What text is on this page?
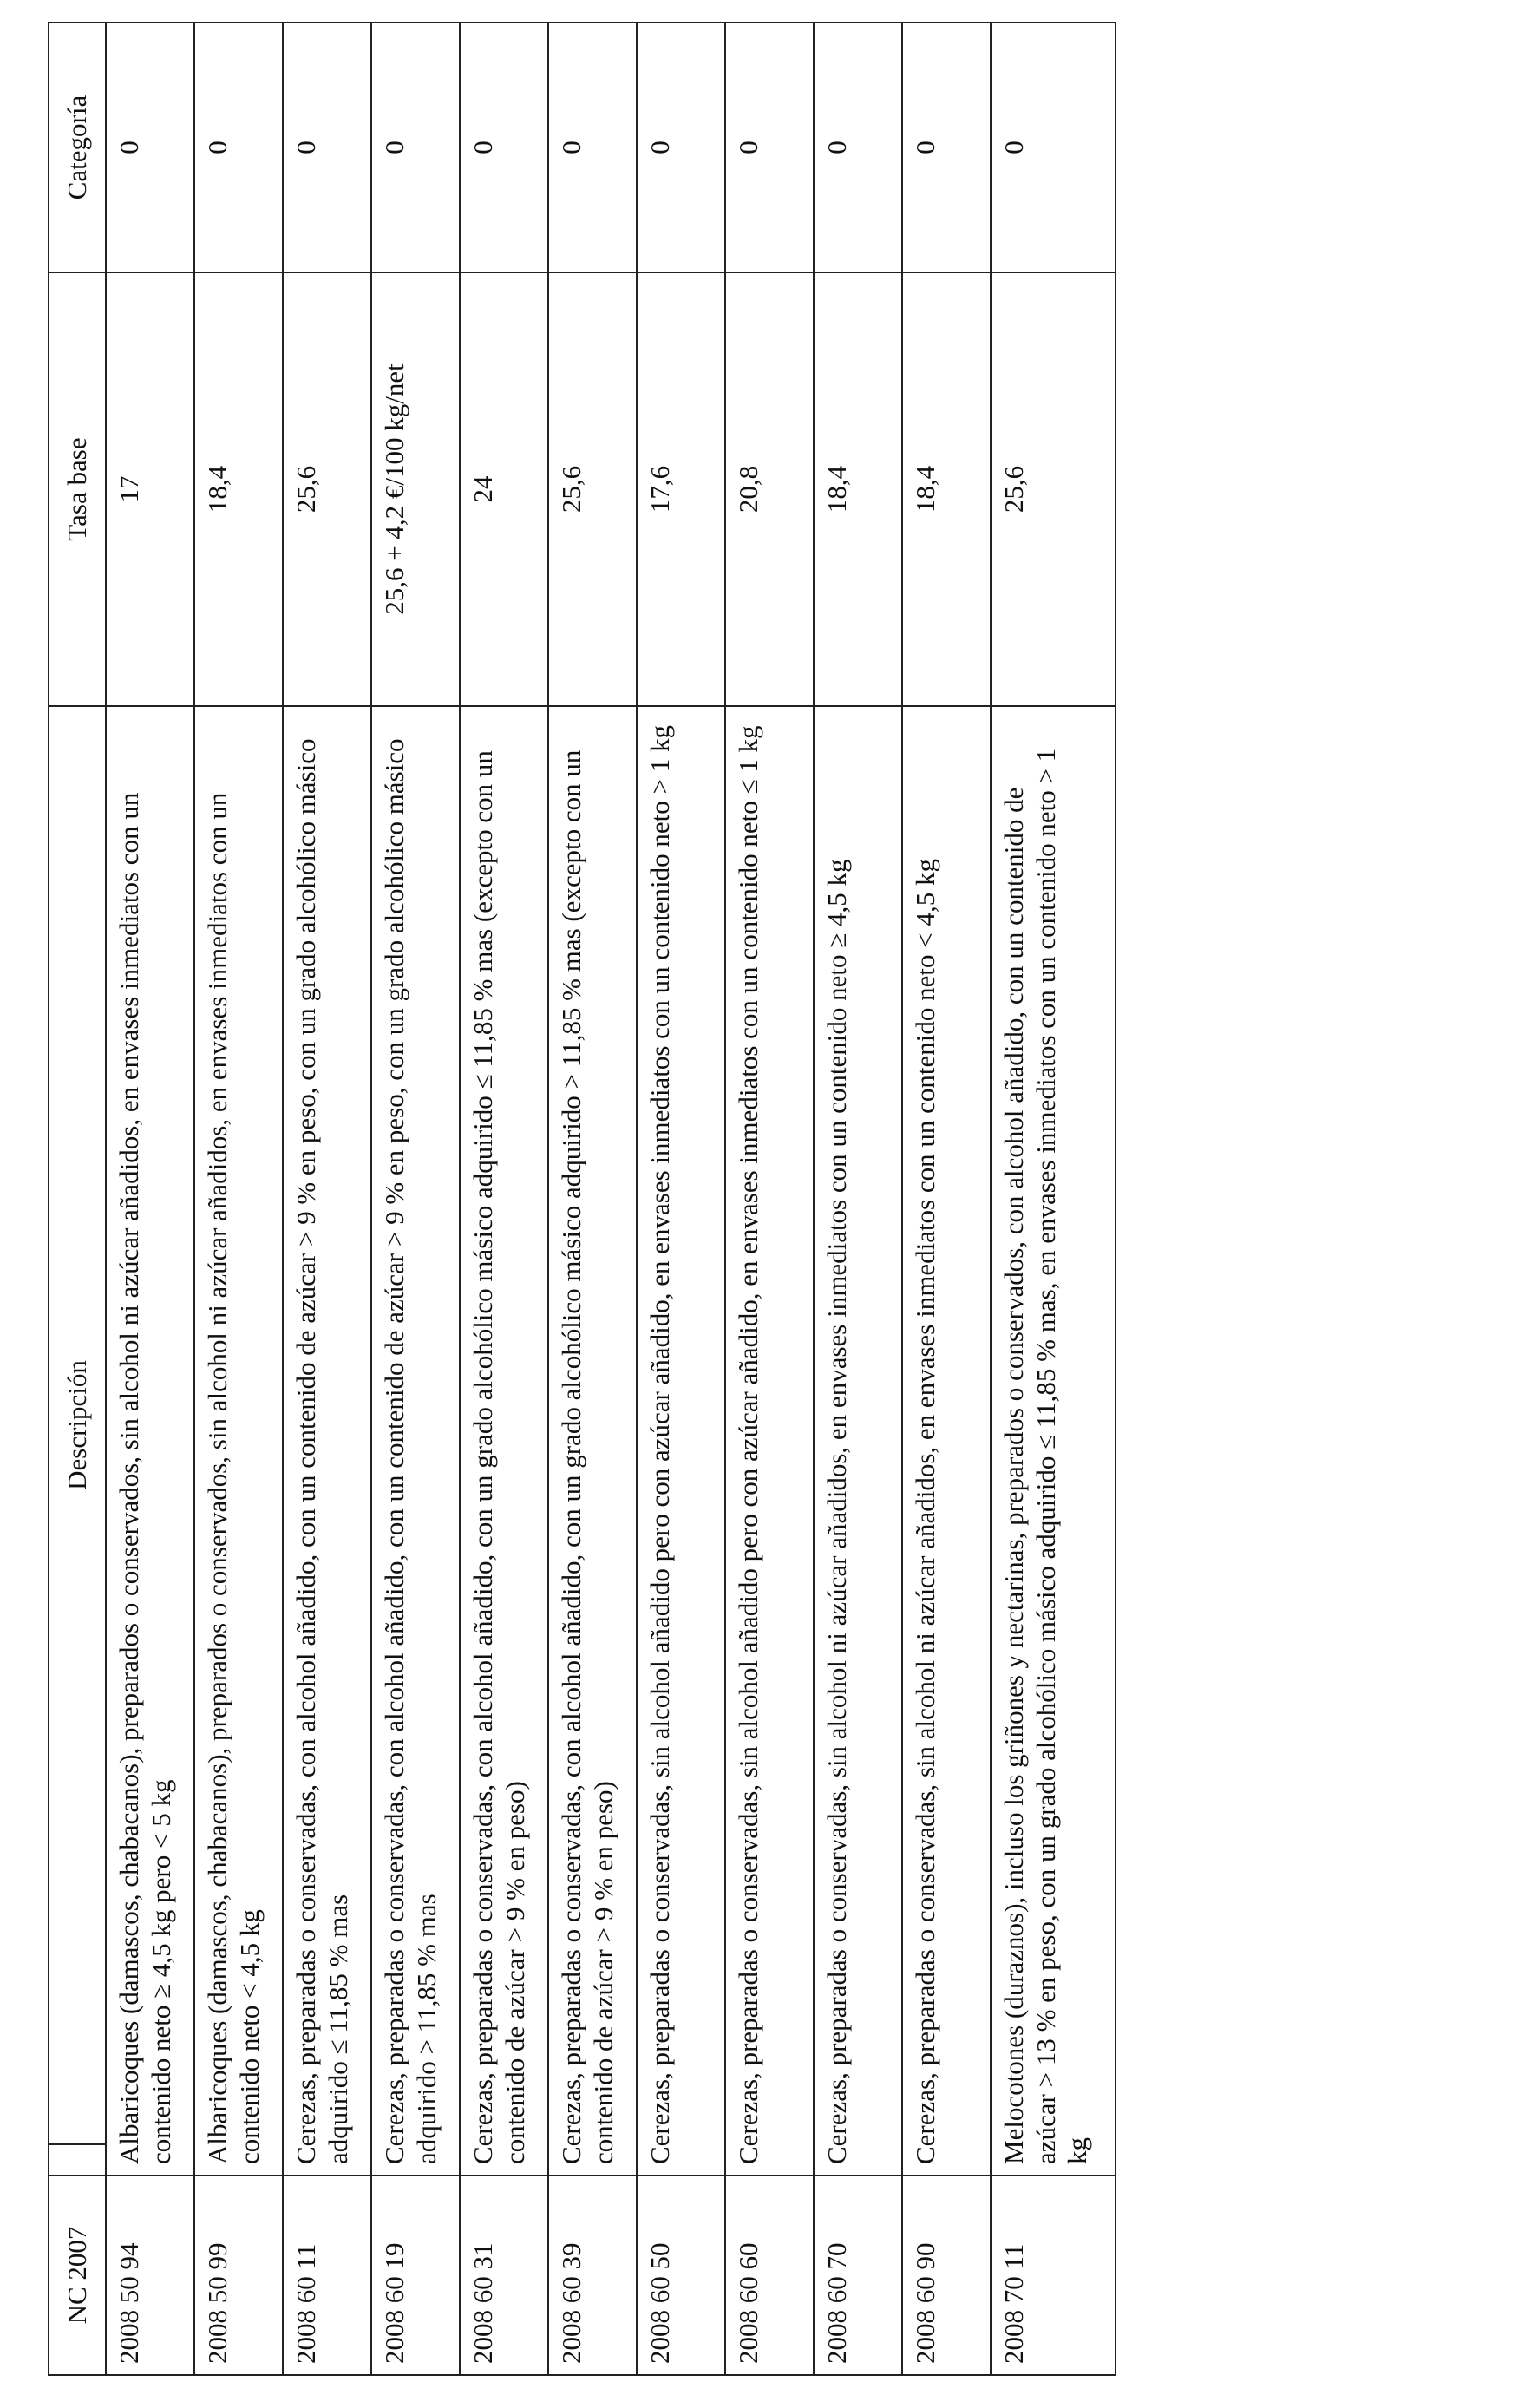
NC 2007		Descripción	Tasa base	Categoría
2008 50 94	Albaricoques (damascos, chabacanos), preparados o conservados, sin alcohol ni azúcar añadidos, en envases inmediatos con un contenido neto ≥ 4,5 kg pero < 5 kg		17	0
2008 50 99	Albaricoques (damascos, chabacanos), preparados o conservados, sin alcohol ni azúcar añadidos, en envases inmediatos con un contenido neto < 4,5 kg		18,4	0
2008 60 11	Cerezas, preparadas o conservadas, con alcohol añadido, con un contenido de azúcar > 9 % en peso, con un grado alcohólico másico adquirido ≤ 11,85 % mas		25,6	0
2008 60 19	Cerezas, preparadas o conservadas, con alcohol añadido, con un contenido de azúcar > 9 % en peso, con un grado alcohólico másico adquirido > 11,85 % mas		25,6 + 4,2 €/100 kg/net	0
2008 60 31	Cerezas, preparadas o conservadas, con alcohol añadido, con un grado alcohólico másico adquirido ≤ 11,85 % mas (excepto con un contenido de azúcar > 9 % en peso)		24	0
2008 60 39	Cerezas, preparadas o conservadas, con alcohol añadido, con un grado alcohólico másico adquirido > 11,85 % mas (excepto con un contenido de azúcar > 9 % en peso)		25,6	0
2008 60 50	Cerezas, preparadas o conservadas, sin alcohol añadido pero con azúcar añadido, en envases inmediatos con un contenido neto > 1 kg		17,6	0
2008 60 60	Cerezas, preparadas o conservadas, sin alcohol añadido pero con azúcar añadido, en envases inmediatos con un contenido neto ≤ 1 kg		20,8	0
2008 60 70	Cerezas, preparadas o conservadas, sin alcohol ni azúcar añadidos, en envases inmediatos con un contenido neto ≥ 4,5 kg		18,4	0
2008 60 90	Cerezas, preparadas o conservadas, sin alcohol ni azúcar añadidos, en envases inmediatos con un contenido neto < 4,5 kg		18,4	0
2008 70 11	Melocotones (duraznos), incluso los griñones y nectarinas, preparados o conservados, con alcohol añadido, con un contenido de azúcar > 13 % en peso, con un grado alcohólico másico adquirido ≤ 11,85 % mas, en envases inmediatos con un contenido neto > 1 kg		25,6	0
